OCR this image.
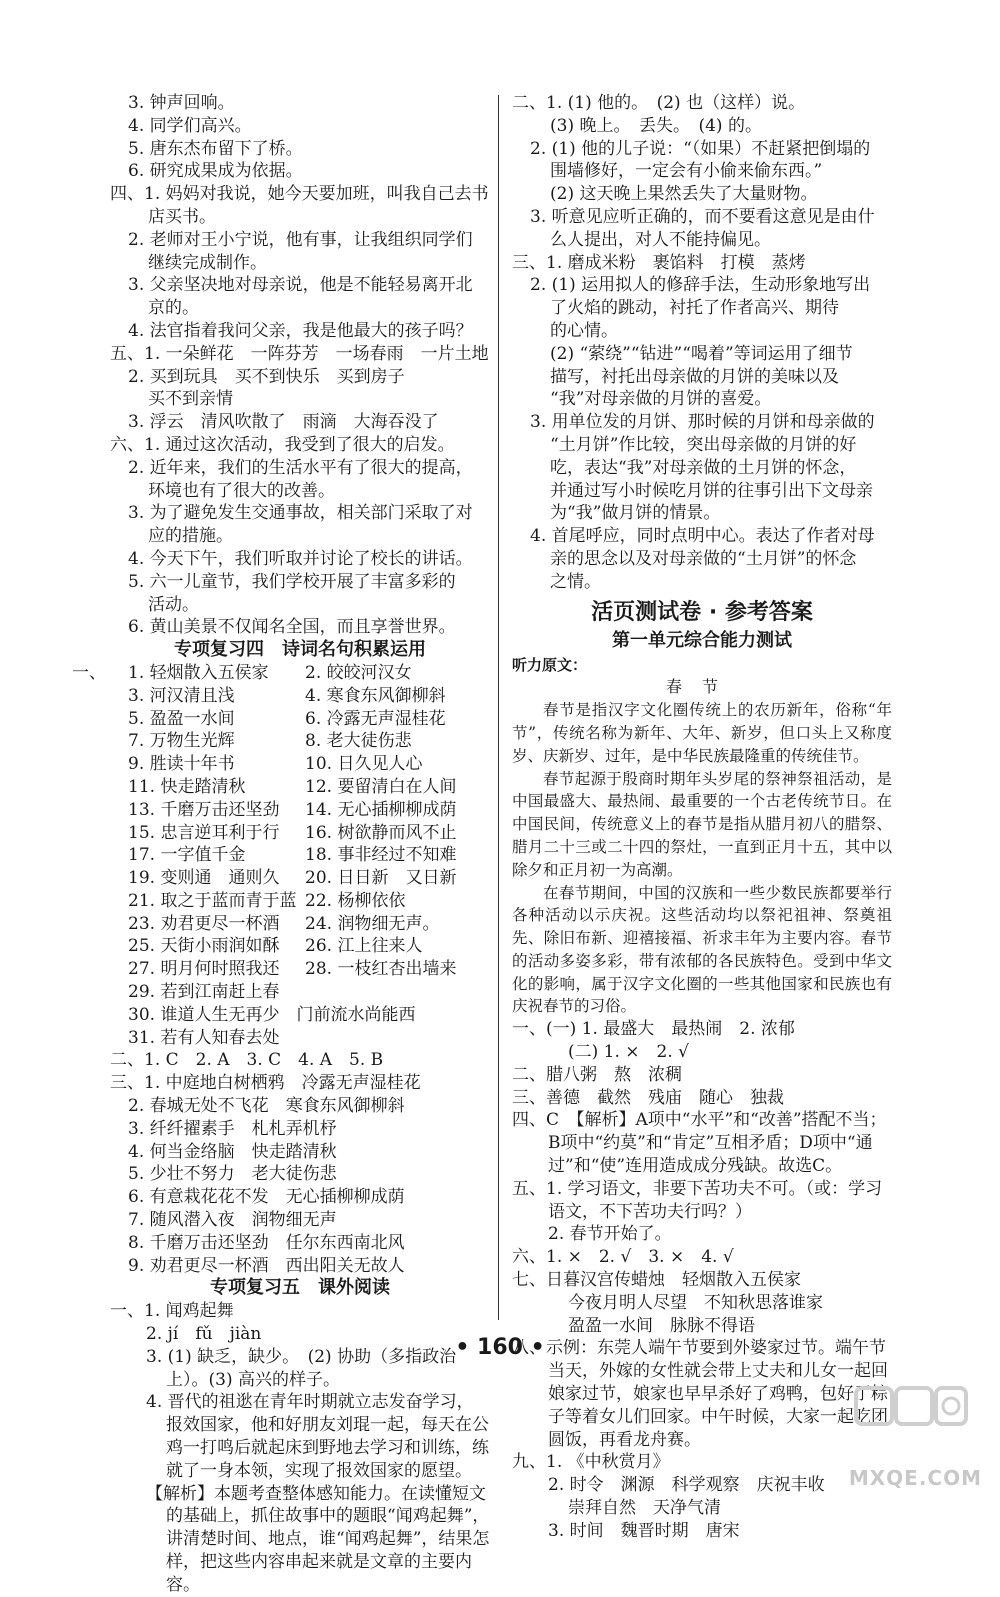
3. 钟声回响。
4. 同学们高兴。
5. 唐东杰布留下了桥。
6. 研究成果成为依据。
四、1. 妈妈对我说，她今天要加班，叫我自己去书
店买书。
2. 老师对王小宁说，他有事，让我组织同学们
继续完成制作。
3. 父亲坚决地对母亲说，他是不能轻易离开北
京的。
4. 法官指着我问父亲，我是他最大的孩子吗？
五、1. 一朵鲜花　一阵芬芳　一场春雨　一片土地
2. 买到玩具　买不到快乐　买到房子
买不到亲情
3. 浮云　清风吹散了　雨滴　大海吞没了
六、1. 通过这次活动，我受到了很大的启发。
2. 近年来，我们的生活水平有了很大的提高，
环境也有了很大的改善。
3. 为了避免发生交通事故，相关部门采取了对
应的措施。
4. 今天下午，我们听取并讨论了校长的讲话。
5. 六一儿童节，我们学校开展了丰富多彩的
活动。
6. 黄山美景不仅闻名全国，而且享誉世界。
专项复习四　诗词名句积累运用
一、	1. 轻烟散入五侯家	2. 皎皎河汉女
3. 河汉清且浅	4. 寒食东风御柳斜
5. 盈盈一水间	6. 冷露无声湿桂花
7. 万物生光辉	8. 老大徒伤悲
9. 胜读十年书	10. 日久见人心
11. 快走踏清秋	12. 要留清白在人间
13. 千磨万击还坚劲	14. 无心插柳柳成荫
15. 忠言逆耳利于行	16. 树欲静而风不止
17. 一字值千金	18. 事非经过不知难
19. 变则通　通则久	20. 日日新　又日新
21. 取之于蓝而青于蓝 22. 杨柳依依
23. 劝君更尽一杯酒	24. 润物细无声。
25. 天街小雨润如酥	26. 江上往来人
27. 明月何时照我还	28. 一枝红杏出墙来
29. 若到江南赶上春
30. 谁道人生无再少　门前流水尚能西
31. 若有人知春去处
二、1. C　2. A　3. C　4. A　5. B
三、1. 中庭地白树栖鸦　冷露无声湿桂花
2. 春城无处不飞花　寒食东风御柳斜
3. 纤纤擢素手　札札弄机杼
4. 何当金络脑　快走踏清秋
5. 少壮不努力　老大徒伤悲
6. 有意栽花花不发　无心插柳柳成荫
7. 随风潜入夜　润物细无声
8. 千磨万击还坚劲　任尔东西南北风
9. 劝君更尽一杯酒　西出阳关无故人
专项复习五　课外阅读
一、1. 闻鸡起舞
2. jí　fǔ　jiàn
3. (1) 缺乏，缺少。　(2) 协助（多指政治上）。(3) 高兴的样子。
4. 晋代的祖逖在青年时期就立志发奋学习，报效国家，他和好朋友刘琨一起，每天在公鸡一打鸣后就起床到野地去学习和训练，练就了一身本领，实现了报效国家的愿望。
【解析】本题考查整体感知能力。在读懂短文的基础上，抓住故事中的题眼“闻鸡起舞”，讲清楚时间、地点，谁“闻鸡起舞”，结果怎样，把这些内容串起来就是文章的主要内容。
二、1. (1) 他的。　(2) 也（这样）说。
(3) 晚上。　丢失。　(4) 的。
2. (1) 他的儿子说：“（如果）不赶紧把倒塌的
围墙修好，一定会有小偷来偷东西。”
(2) 这天晚上果然丢失了大量财物。
3. 听意见应听正确的，而不要看这意见是由什
么人提出，对人不能持偏见。
三、1. 磨成米粉　裹馅料　打模　蒸烤
2. (1) 运用拟人的修辞手法，生动形象地写出
了火焰的跳动，衬托了作者高兴、期待
的心情。
(2) “萦绕”“钻进”“喝着”等词运用了细节
描写，衬托出母亲做的月饼的美味以及
“我”对母亲做的月饼的喜爱。
3. 用单位发的月饼、那时候的月饼和母亲做的
“土月饼”作比较，突出母亲做的月饼的好
吃，表达“我”对母亲做的土月饼的怀念，
并通过写小时候吃月饼的往事引出下文母亲
为“我”做月饼的情景。
4. 首尾呼应，同时点明中心。表达了作者对母
亲的思念以及对母亲做的“土月饼”的怀念
之情。
活页测试卷 · 参考答案
第一单元综合能力测试
听力原文：
春节
春节是指汉字文化圈传统上的农历新年，俗称“年节”，传统名称为新年、大年、新岁，但口头上又称度岁、庆新岁、过年，是中华民族最隆重的传统佳节。
春节起源于殷商时期年头岁尾的祭神祭祖活动，是中国最盛大、最热闹、最重要的一个古老传统节日。在中国民间，传统意义上的春节是指从腊月初八的腊祭、腊月二十三或二十四的祭灶，一直到正月十五，其中以除夕和正月初一为高潮。
在春节期间，中国的汉族和一些少数民族都要举行各种活动以示庆祝。这些活动均以祭祀祖神、祭奠祖先、除旧布新、迎禧接福、祈求丰年为主要内容。春节的活动多姿多彩，带有浓郁的各民族特色。受到中华文化的影响，属于汉字文化圈的一些其他国家和民族也有庆祝春节的习俗。
一、(一) 1. 最盛大　最热闹　2. 浓郁
(二) 1. ×　2. √
二、腊八粥　熬　浓稠
三、善德　截然　残庙　随心　独裁
四、C　【解析】A项中“水平”和“改善”搭配不当；B项中“约莫”和“肯定”互相矛盾；D项中“通过”和“使”连用造成成分残缺。故选C。
五、1. 学习语文，非要下苦功夫不可。（或：学习语文，不下苦功夫行吗？）
2. 春节开始了。
六、1. ×　2. √　3. ×　4. √
七、日暮汉宫传蜡烛　轻烟散入五侯家
今夜月明人尽望　不知秋思落谁家
盈盈一水间　脉脉不得语
八、示例：东莞人端午节要到外婆家过节。端午节当天，外嫁的女性就会带上丈夫和儿女一起回娘家过节，娘家也早早杀好了鸡鸭，包好了粽子等着女儿们回家。中午时候，大家一起吃团圆饭，再看龙舟赛。
九、1. 《中秋赏月》
2. 时令　渊源　科学观察　庆祝丰收
崇拜自然　天净气清
3. 时间　魏晋时期　唐宋
• 160 •
MXQE.COM
